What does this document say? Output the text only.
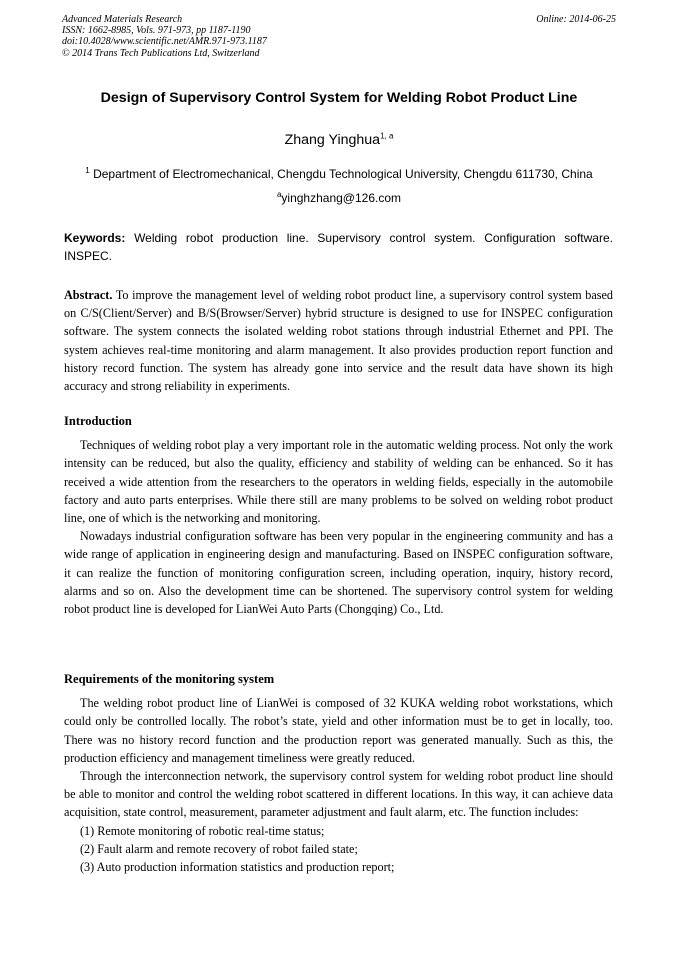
Advanced Materials Research
ISSN: 1662-8985, Vols. 971-973, pp 1187-1190
doi:10.4028/www.scientific.net/AMR.971-973.1187
© 2014 Trans Tech Publications Ltd, Switzerland
Online: 2014-06-25
Design of Supervisory Control System for Welding Robot Product Line
Zhang Yinghua$^{1, a}$
$^1$ Department of Electromechanical, Chengdu Technological University, Chengdu 611730, China
$^a$yinghzhang@126.com
Keywords: Welding robot production line. Supervisory control system. Configuration software. INSPEC.

Abstract. To improve the management level of welding robot product line, a supervisory control system based on C/S(Client/Server) and B/S(Browser/Server) hybrid structure is designed to use for INSPEC configuration software. The system connects the isolated welding robot stations through industrial Ethernet and PPI. The system achieves real-time monitoring and alarm management. It also provides production report function and history record function. The system has already gone into service and the result data have shown its high accuracy and strong reliability in experiments.

Introduction

Techniques of welding robot play a very important role in the automatic welding process. Not only the work intensity can be reduced, but also the quality, efficiency and stability of welding can be enhanced. So it has received a wide attention from the researchers to the operators in welding fields, especially in the automobile factory and auto parts enterprises. While there still are many problems to be solved on welding robot product line, one of which is the networking and monitoring.

Nowadays industrial configuration software has been very popular in the engineering community and has a wide range of application in engineering design and manufacturing. Based on INSPEC configuration software, it can realize the function of monitoring configuration screen, including operation, inquiry, history record, alarms and so on. Also the development time can be shortened. The supervisory control system for welding robot product line is developed for LianWei Auto Parts (Chongqing) Co., Ltd.

Requirements of the monitoring system

The welding robot product line of LianWei is composed of 32 KUKA welding robot workstations, which could only be controlled locally. The robot’s state, yield and other information must be to get in locally, too. There was no history record function and the production report was generated manually. Such as this, the production efficiency and management timeliness were greatly reduced.

Through the interconnection network, the supervisory control system for welding robot product line should be able to monitor and control the welding robot scattered in different locations. In this way, it can achieve data acquisition, state control, measurement, parameter adjustment and fault alarm, etc. The function includes:

(1) Remote monitoring of robotic real-time status;

(2) Fault alarm and remote recovery of robot failed state;

(3) Auto production information statistics and production report;
